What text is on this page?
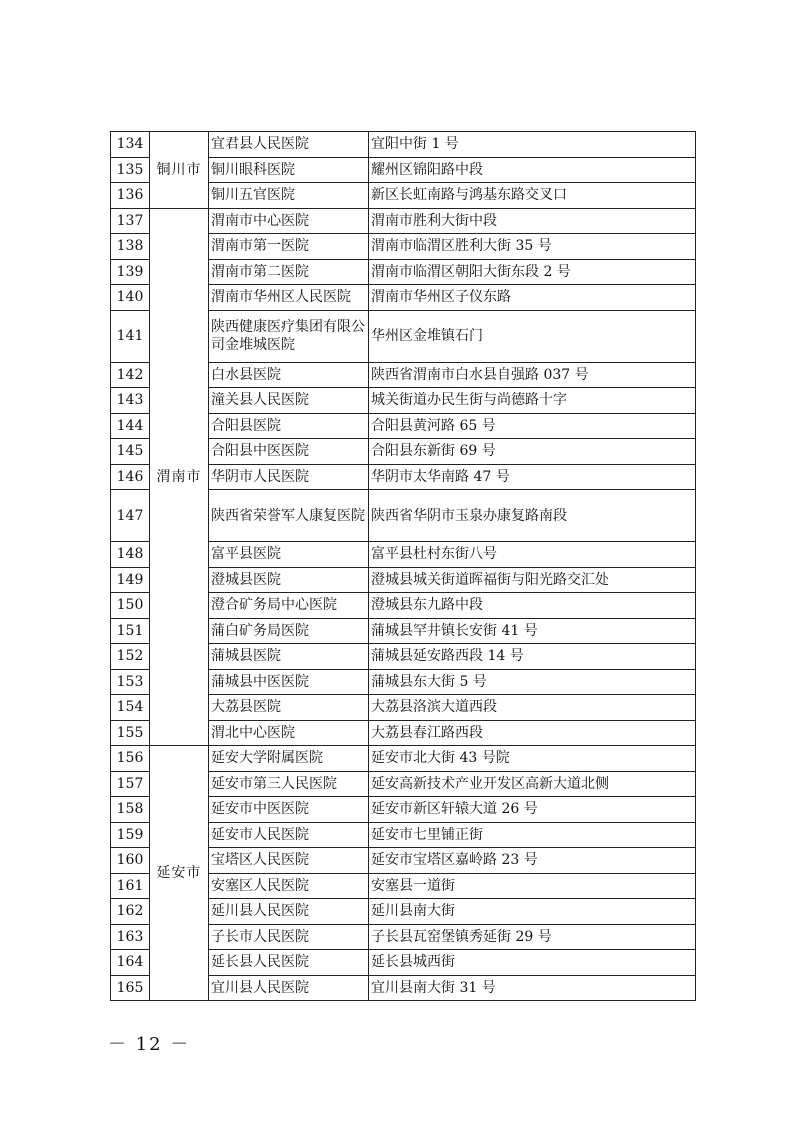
134	铜川市	宜君县人民医院	宜阳中街 1 号
135		铜川眼科医院	耀州区锦阳路中段
136		铜川五官医院	新区长虹南路与鸿基东路交叉口
137	渭南市	渭南市中心医院	渭南市胜利大街中段
138		渭南市第一医院	渭南市临渭区胜利大街 35 号
139		渭南市第二医院	渭南市临渭区朝阳大街东段 2 号
140		渭南市华州区人民医院	渭南市华州区子仪东路
141		陕西健康医疗集团有限公司金堆城医院	华州区金堆镇石门
142		白水县医院	陕西省渭南市白水县自强路 037 号
143		潼关县人民医院	城关街道办民生街与尚德路十字
144		合阳县医院	合阳县黄河路 65 号
145		合阳县中医医院	合阳县东新街 69 号
146		华阴市人民医院	华阴市太华南路 47 号
147		陕西省荣誉军人康复医院	陕西省华阴市玉泉办康复路南段
148		富平县医院	富平县杜村东街八号
149		澄城县医院	澄城县城关街道晖福街与阳光路交汇处
150		澄合矿务局中心医院	澄城县东九路中段
151		蒲白矿务局医院	蒲城县罕井镇长安街 41 号
152		蒲城县医院	蒲城县延安路西段 14 号
153		蒲城县中医医院	蒲城县东大街 5 号
154		大荔县医院	大荔县洛滨大道西段
155		渭北中心医院	大荔县春江路西段
156	延安市	延安大学附属医院	延安市北大街 43 号院
157		延安市第三人民医院	延安高新技术产业开发区高新大道北侧
158		延安市中医医院	延安市新区轩辕大道 26 号
159		延安市人民医院	延安市七里铺正街
160		宝塔区人民医院	延安市宝塔区嘉岭路 23 号
161		安塞区人民医院	安塞县一道街
162		延川县人民医院	延川县南大街
163		子长市人民医院	子长县瓦窑堡镇秀延街 29 号
164		延长县人民医院	延长县城西街
165		宜川县人民医院	宜川县南大街 31 号
－ 12 －
